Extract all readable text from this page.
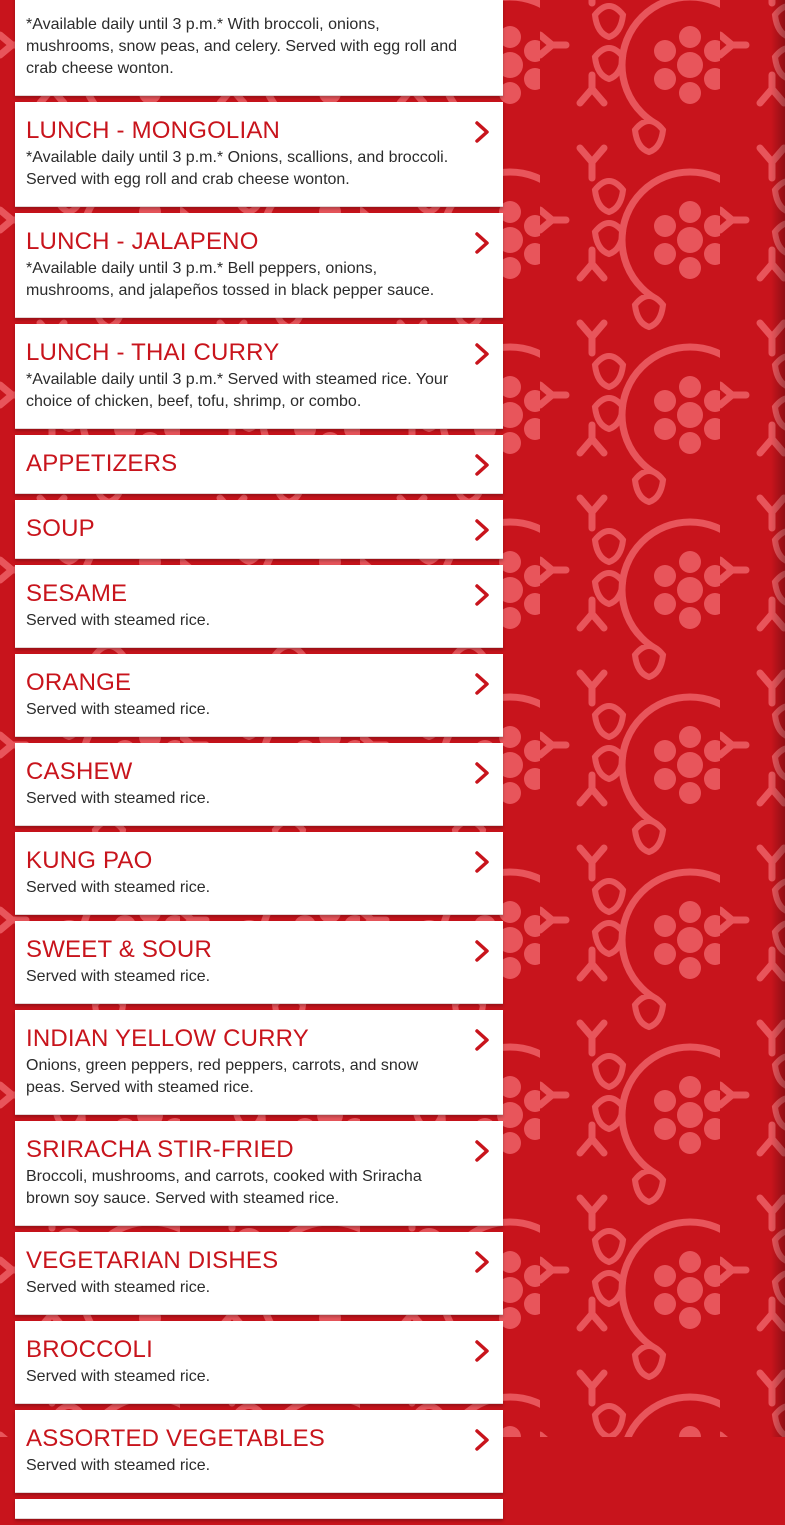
*Available daily until 3 p.m.* With broccoli, onions, mushrooms, snow peas, and celery. Served with egg roll and crab cheese wonton.
LUNCH - MONGOLIAN
*Available daily until 3 p.m.* Onions, scallions, and broccoli. Served with egg roll and crab cheese wonton.
LUNCH - JALAPENO
*Available daily until 3 p.m.* Bell peppers, onions, mushrooms, and jalapeños tossed in black pepper sauce.
LUNCH - THAI CURRY
*Available daily until 3 p.m.* Served with steamed rice. Your choice of chicken, beef, tofu, shrimp, or combo.
APPETIZERS
SOUP
SESAME
Served with steamed rice.
ORANGE
Served with steamed rice.
CASHEW
Served with steamed rice.
KUNG PAO
Served with steamed rice.
SWEET & SOUR
Served with steamed rice.
INDIAN YELLOW CURRY
Onions, green peppers, red peppers, carrots, and snow peas. Served with steamed rice.
SRIRACHA STIR-FRIED
Broccoli, mushrooms, and carrots, cooked with Sriracha brown soy sauce. Served with steamed rice.
VEGETARIAN DISHES
Served with steamed rice.
BROCCOLI
Served with steamed rice.
ASSORTED VEGETABLES
Served with steamed rice.
